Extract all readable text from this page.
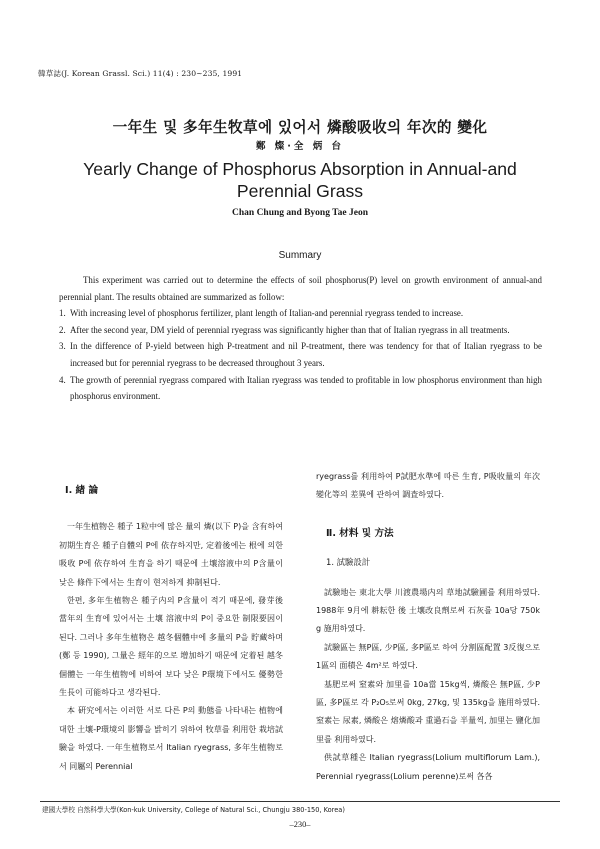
韓草誌(J. Korean Grassl. Sci.) 11(4) : 230~235, 1991
一年生 및 多年生牧草에 있어서 燐酸吸收의 年次的 變化
鄭 燦·全 炳 台
Yearly Change of Phosphorus Absorption in Annual-and
Perennial Grass
Chan Chung and Byong Tae Jeon
Summary

This experiment was carried out to determine the effects of soil phosphorus(P) level on growth environment of annual-and perennial plant. The results obtained are summarized as follow:

1. With increasing level of phosphorus fertilizer, plant length of Italian-and perennial ryegrass tended to increase.
2. After the second year, DM yield of perennial ryegrass was significantly higher than that of Italian ryegrass in all treatments.
3. In the difference of P-yield between high P-treatment and nil P-treatment, there was tendency for that of Italian ryegrass to be increased but for perennial ryegrass to be decreased throughout 3 years.
4. The growth of perennial ryegrass compared with Italian ryegrass was tended to profitable in low phosphorus environment than high phosphorus environment.
Ⅰ. 緖 論

一年生植物은 種子 1粒中에 많은 量의 燐(以下 P)을 含有하여 初期生育은 種子自體의 P에 依存하지만, 定着後에는 根에 의한 吸收 P에 依存하여 生育을 하기 때문에 土壤溶液中의 P含量이 낮은 條件下에서는 生育이 현저하게 抑制된다.

한편, 多年生植物은 種子内의 P含量이 적기 때문에, 發芽後 當年의 生育에 있어서는 土壤 溶液中의 P이 중요한 制限要因이 된다. 그러나 多年生植物은 越冬個體中에 多量의 P을 貯藏하며(鄭 등 1990), 그量은 經年的으로 增加하기 때문에 定着된 越冬個體는 一年生植物에 비하여 보다 낮은 P環境下에서도 優勢한 生長이 可能하다고 생각된다.

本 硏究에서는 이러한 서로 다른 P의 動態를 나타내는 植物에 대한 土壤-P環境의 影響을 밝히기 위하여 牧草를 利用한 栽培試驗을 하였다. 一年生植物로서 Italian ryegrass, 多年生植物로서 同屬의 Perennial

ryegrass를 利用하여 P試肥水準에 따른 生育, P吸收量의 年次變化等의 差異에 관하여 調査하였다.

Ⅱ. 材料 및 方法
1. 試驗設計

試驗地는 東北大學 川渡農場内의 草地試驗圃를 利用하였다. 1988年 9月에 耕耘한 後 土壤改良劑로써 石灰를 10a당 750kg 施用하였다.

試驗區는 無P區, 少P區, 多P區로 하여 分割區配置 3反復으로 1區의 面積은 4m²로 하였다.

基肥로써 窒素와 加里를 10a當 15kg씩, 燐酸은 無P區, 少P區, 多P區로 각 P₂O₅로써 0kg, 27kg, 및 135kg을 施用하였다. 窒素는 尿素, 燐酸은 熔燐酸과 重過石을 半量씩, 加里는 鹽化加里를 利用하였다.

供試草種은 Italian ryegrass(Lolium multiflorum Lam.), Perennial ryegrass(Lolium perenne)로써 各各

建國大學校 自然科學大學(Kon-kuk University, College of Natural Sci., Chungju 380-150, Korea)
–230–
